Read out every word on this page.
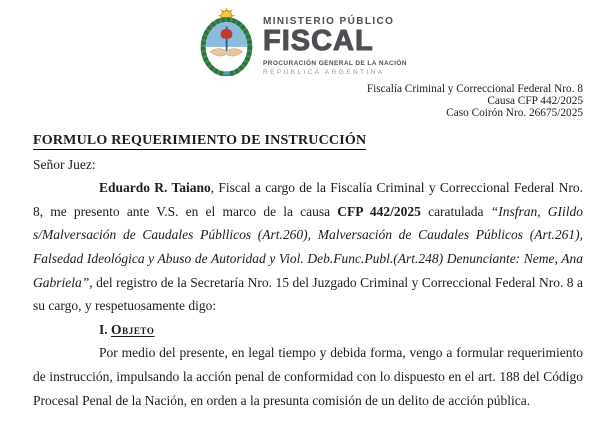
MINISTERIO PÚBLICO
FISCAL
PROCURACIÓN GENERAL DE LA NACIÓN
REPÚBLICA ARGENTINA
Fiscalía Criminal y Correccional Federal Nro. 8
Causa CFP 442/2025
Caso Coirón Nro. 26675/2025
FORMULO REQUERIMIENTO DE INSTRUCCIÓN
Señor Juez:

Eduardo R. Taiano, Fiscal a cargo de la Fiscalía Criminal y Correccional Federal Nro. 8, me presento ante V.S. en el marco de la causa CFP 442/2025 caratulada “Insfran, GIildo s/Malversación de Caudales Públlicos (Art.260), Malversación de Caudales Públicos (Art.261), Falsedad Ideológica y Abuso de Autoridad y Viol. Deb.Func.Publ.(Art.248) Denunciante: Neme, Ana Gabriela”, del registro de la Secretaría Nro. 15 del Juzgado Criminal y Correccional Federal Nro. 8 a su cargo, y respetuosamente digo:

I. Objeto

Por medio del presente, en legal tiempo y debida forma, vengo a formular requerimiento de instrucción, impulsando la acción penal de conformidad con lo dispuesto en el art. 188 del Código Procesal Penal de la Nación, en orden a la presunta comisión de un delito de acción pública.
